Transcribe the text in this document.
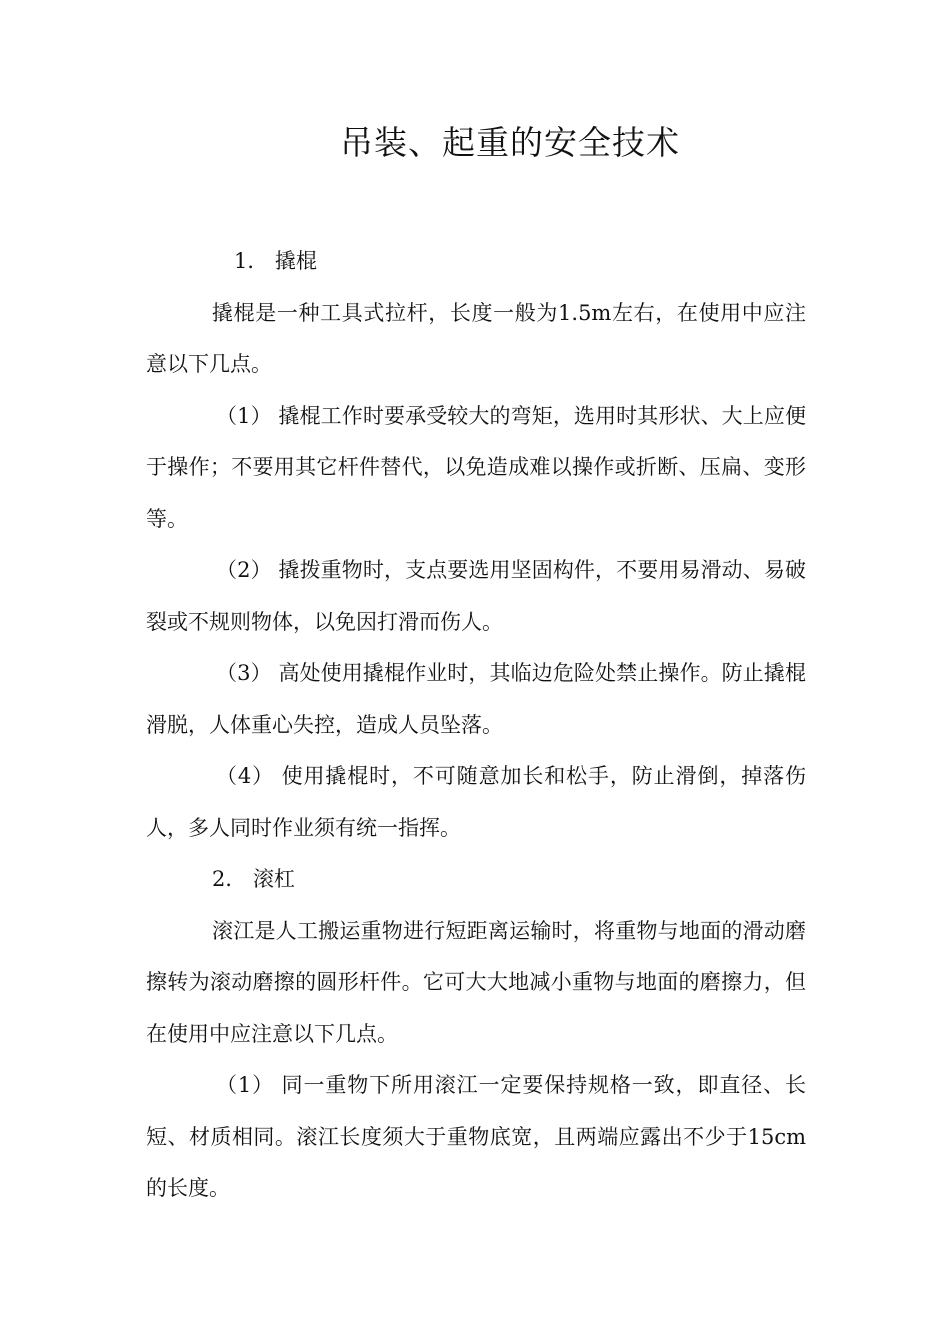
吊装、起重的安全技术

1． 撬棍

撬棍是一种工具式拉杆，长度一般为1.5m左右，在使用中应注意以下几点。

（1） 撬棍工作时要承受较大的弯矩，选用时其形状、大上应便于操作；不要用其它杆件替代，以免造成难以操作或折断、压扁、变形等。

（2） 撬拨重物时，支点要选用坚固构件，不要用易滑动、易破裂或不规则物体，以免因打滑而伤人。

（3） 高处使用撬棍作业时，其临边危险处禁止操作。防止撬棍滑脱，人体重心失控，造成人员坠落。

（4） 使用撬棍时，不可随意加长和松手，防止滑倒，掉落伤人，多人同时作业须有统一指挥。

2． 滚杠

滚江是人工搬运重物进行短距离运输时，将重物与地面的滑动磨擦转为滚动磨擦的圆形杆件。它可大大地减小重物与地面的磨擦力，但在使用中应注意以下几点。

（1） 同一重物下所用滚江一定要保持规格一致，即直径、长短、材质相同。滚江长度须大于重物底宽，且两端应露出不少于15cm的长度。
